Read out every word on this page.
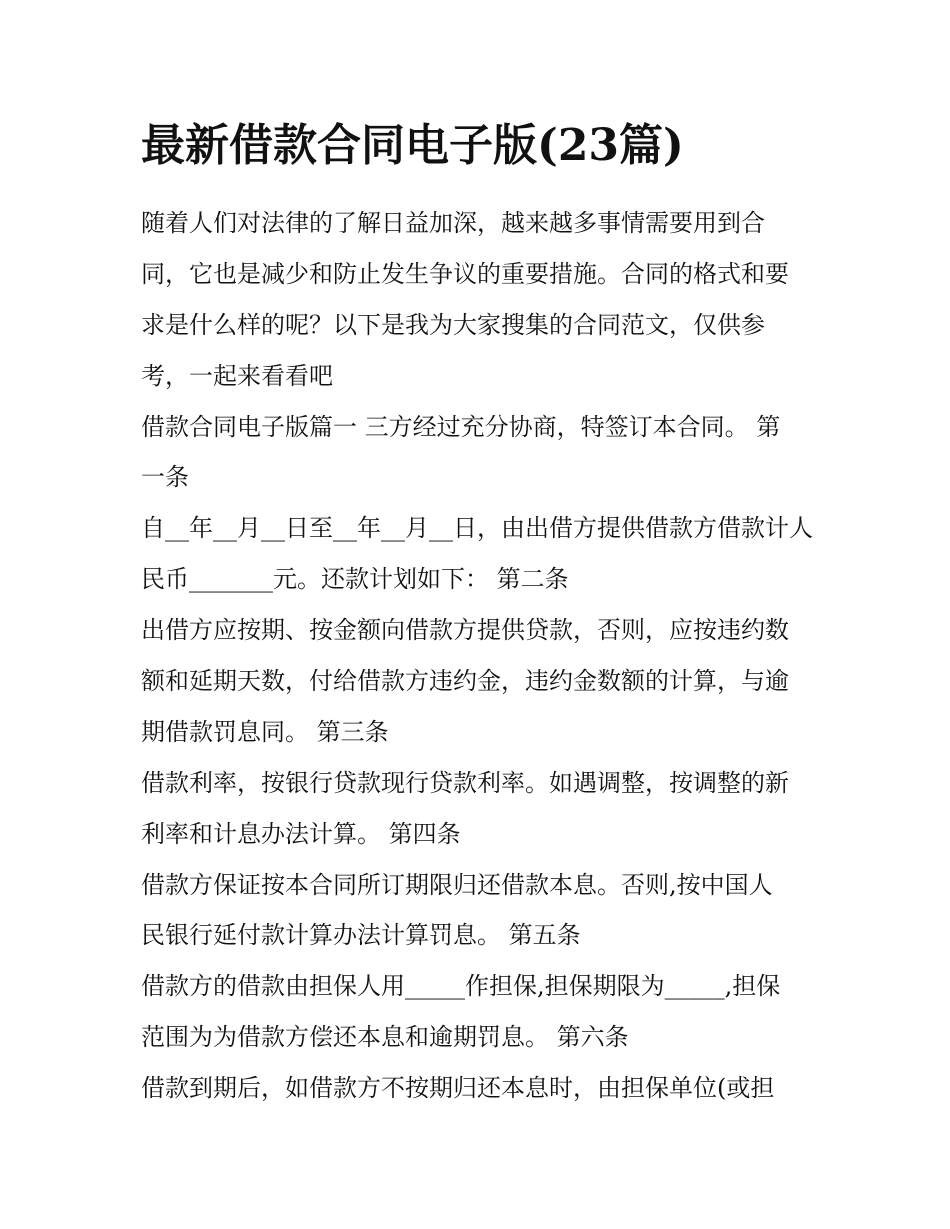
最新借款合同电子版(23篇)
随着人们对法律的了解日益加深，越来越多事情需要用到合
同，它也是减少和防止发生争议的重要措施。合同的格式和要
求是什么样的呢？以下是我为大家搜集的合同范文，仅供参
考，一起来看看吧
借款合同电子版篇一 三方经过充分协商，特签订本合同。 第
一条
自__年__月__日至__年__月__日，由出借方提供借款方借款计人
民币_______元。还款计划如下： 第二条
出借方应按期、按金额向借款方提供贷款，否则，应按违约数
额和延期天数，付给借款方违约金，违约金数额的计算，与逾
期借款罚息同。 第三条
借款利率，按银行贷款现行贷款利率。如遇调整，按调整的新
利率和计息办法计算。 第四条
借款方保证按本合同所订期限归还借款本息。否则,按中国人
民银行延付款计算办法计算罚息。 第五条
借款方的借款由担保人用_____作担保,担保期限为_____,担保
范围为为借款方偿还本息和逾期罚息。 第六条
借款到期后，如借款方不按期归还本息时，由担保单位(或担
